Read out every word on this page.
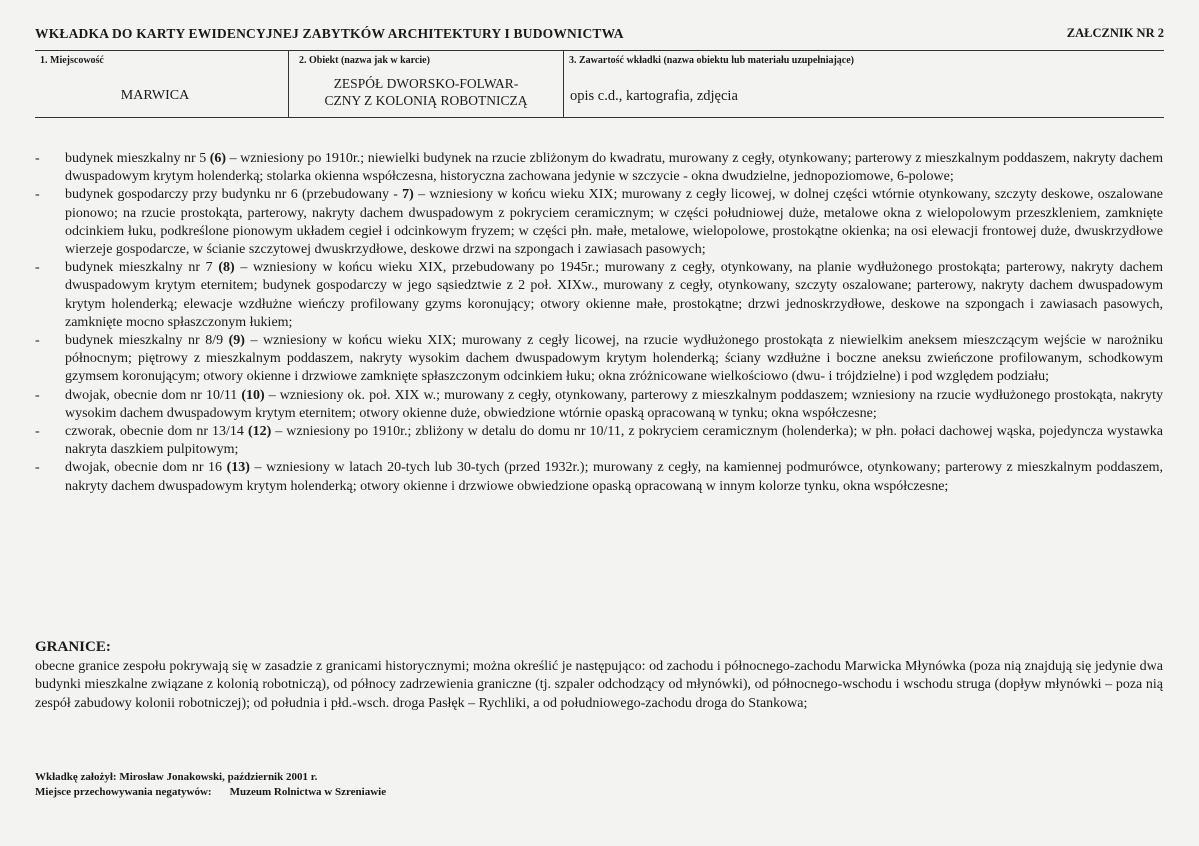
WKŁADKA DO KARTY EWIDENCYJNEJ ZABYTKÓW ARCHITEKTURY I BUDOWNICTWA	ZAŁCZNIK NR 2
1. Miejscowość
MARWICA
2. Obiekt (nazwa jak w karcie)
ZESPÓŁ DWORSKO-FOLWAR-
CZNY Z KOLONIĄ ROBOTNICZĄ
3. Zawartość wkładki (nazwa obiektu lub materiału uzupełniające)
opis c.d., kartografia, zdjęcia
- budynek mieszkalny nr 5 (6) – wzniesiony po 1910r.; niewielki budynek na rzucie zbliżonym do kwadratu, murowany z cegły, otynkowany; parterowy z mieszkalnym poddaszem, nakryty dachem dwuspadowym krytym holenderką; stolarka okienna współczesna, historyczna zachowana jedynie w szczycie - okna dwudzielne, jednopoziomowe, 6-polowe;
- budynek gospodarczy przy budynku nr 6 (przebudowany - 7) – wzniesiony w końcu wieku XIX; murowany z cegły licowej, w dolnej części wtórnie otynkowany, szczyty deskowe, oszalowane pionowo; na rzucie prostokąta, parterowy, nakryty dachem dwuspadowym z pokryciem ceramicznym; w części południowej duże, metalowe okna z wielopolowym przeszkleniem, zamknięte odcinkiem łuku, podkreślone pionowym układem cegieł i odcinkowym fryzem; w części płn. małe, metalowe, wielopolowe, prostokątne okienka; na osi elewacji frontowej duże, dwuskrzydłowe wierzeje gospodarcze, w ścianie szczytowej dwuskrzydłowe, deskowe drzwi na szpongach i zawiasach pasowych;
- budynek mieszkalny nr 7 (8) – wzniesiony w końcu wieku XIX, przebudowany po 1945r.; murowany z cegły, otynkowany, na planie wydłużonego prostokąta; parterowy, nakryty dachem dwuspadowym krytym eternitem; budynek gospodarczy w jego sąsiedztwie z 2 poł. XIXw., murowany z cegły, otynkowany, szczyty oszalowane; parterowy, nakryty dachem dwuspadowym krytym holenderką; elewacje wzdłużne wieńczy profilowany gzyms koronujący; otwory okienne małe, prostokątne; drzwi jednoskrzydłowe, deskowe na szpongach i zawiasach pasowych, zamknięte mocno spłaszczonym łukiem;
- budynek mieszkalny nr 8/9 (9) – wzniesiony w końcu wieku XIX; murowany z cegły licowej, na rzucie wydłużonego prostokąta z niewielkim aneksem mieszczącym wejście w narożniku północnym; piętrowy z mieszkalnym poddaszem, nakryty wysokim dachem dwuspadowym krytym holenderką; ściany wzdłużne i boczne aneksu zwieńczone profilowanym, schodkowym gzymsem koronującym; otwory okienne i drzwiowe zamknięte spłaszczonym odcinkiem łuku; okna zróżnicowane wielkościowo (dwu- i trójdzielne) i pod względem podziału;
- dwojak, obecnie dom nr 10/11 (10) – wzniesiony ok. poł. XIX w.; murowany z cegły, otynkowany, parterowy z mieszkalnym poddaszem; wzniesiony na rzucie wydłużonego prostokąta, nakryty wysokim dachem dwuspadowym krytym eternitem; otwory okienne duże, obwiedzione wtórnie opaską opracowaną w tynku; okna współczesne;
- czworak, obecnie dom nr 13/14 (12) – wzniesiony po 1910r.; zbliżony w detalu do domu nr 10/11, z pokryciem ceramicznym (holenderka); w płn. połaci dachowej wąska, pojedyncza wystawka nakryta daszkiem pulpitowym;
- dwojak, obecnie dom nr 16 (13) – wzniesiony w latach 20-tych lub 30-tych (przed 1932r.); murowany z cegły, na kamiennej podmurówce, otynkowany; parterowy z mieszkalnym poddaszem, nakryty dachem dwuspadowym krytym holenderką; otwory okienne i drzwiowe obwiedzione opaską opracowaną w innym kolorze tynku, okna współczesne;
GRANICE:

obecne granice zespołu pokrywają się w zasadzie z granicami historycznymi; można określić je następująco: od zachodu i północnego-zachodu Marwicka Młynówka (poza nią znajdują się jedynie dwa budynki mieszkalne związane z kolonią robotniczą), od północy zadrzewienia graniczne (tj. szpaler odchodzący od młynówki), od północnego-wschodu i wschodu struga (dopływ młynówki – poza nią zespół zabudowy kolonii robotniczej); od południa i płd.-wsch. droga Pasłęk – Rychliki, a od południowego-zachodu droga do Stankowa;

Wkładkę założył: Mirosław Jonakowski, październik 2001 r.
Miejsce przechowywania negatywów: Muzeum Rolnictwa w Szreniawie
